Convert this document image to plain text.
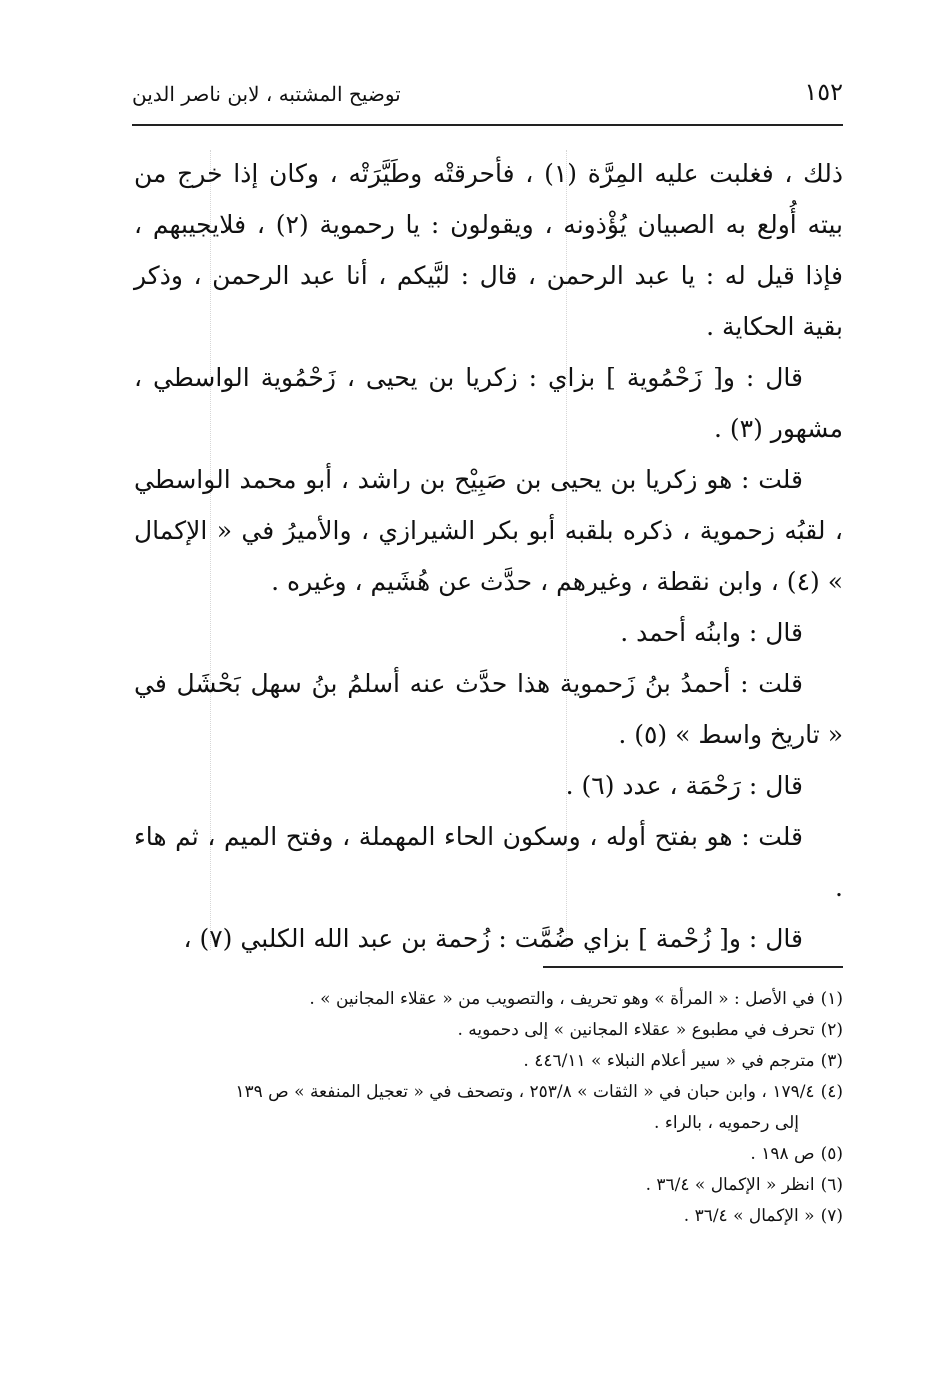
١٥٢
توضيح المشتبه ، لابن ناصر الدين

ذلك ، فغلبت عليه المِرَّة (١) ، فأحرقتْه وطَيَّرَتْه ، وكان إذا خرج من بيته أُولع به الصبيان يُؤْذونه ، ويقولون : يا رحموية (٢) ، فلايجيبهم ، فإذا قيل له : يا عبد الرحمن ، قال : لبَّيكم ، أنا عبد الرحمن ، وذكر بقية الحكاية .

قال : و[ زَحْمُوية ] بزاي : زكريا بن يحيى ، زَحْمُوية الواسطي ، مشهور (٣) .

قلت : هو زكريا بن يحيى بن صَبِيْح بن راشد ، أبو محمد الواسطي ، لقبُه زحموية ، ذكره بلقبه أبو بكر الشيرازي ، والأميرُ في « الإكمال » (٤) ، وابن نقطة ، وغيرهم ، حدَّث عن هُشَيم ، وغيره .

قال : وابنُه أحمد .

قلت : أحمدُ بنُ زَحموية هذا حدَّث عنه أسلمُ بنُ سهل بَحْشَل في « تاريخ واسط » (٥) .

قال : رَحْمَة ، عدد (٦) .

قلت : هو بفتح أوله ، وسكون الحاء المهملة ، وفتح الميم ، ثم هاء .

قال : و[ زُحْمة ] بزاي ضُمَّت : زُحمة بن عبد الله الكلبي (٧) ،

(١)في الأصل : « المرأة » وهو تحريف ، والتصويب من « عقلاء المجانين » .

(٢)تحرف في مطبوع « عقلاء المجانين » إلى دحمويه .

(٣)مترجم في « سير أعلام النبلاء » ٤٤٦/١١ .

(٤)١٧٩/٤ ، وابن حبان في « الثقات » ٢٥٣/٨ ، وتصحف في « تعجيل المنفعة » ص ١٣٩

إلى رحمويه ، بالراء .

(٥)ص ١٩٨ .

(٦)انظر « الإكمال » ٣٦/٤ .

(٧)« الإكمال » ٣٦/٤ .
